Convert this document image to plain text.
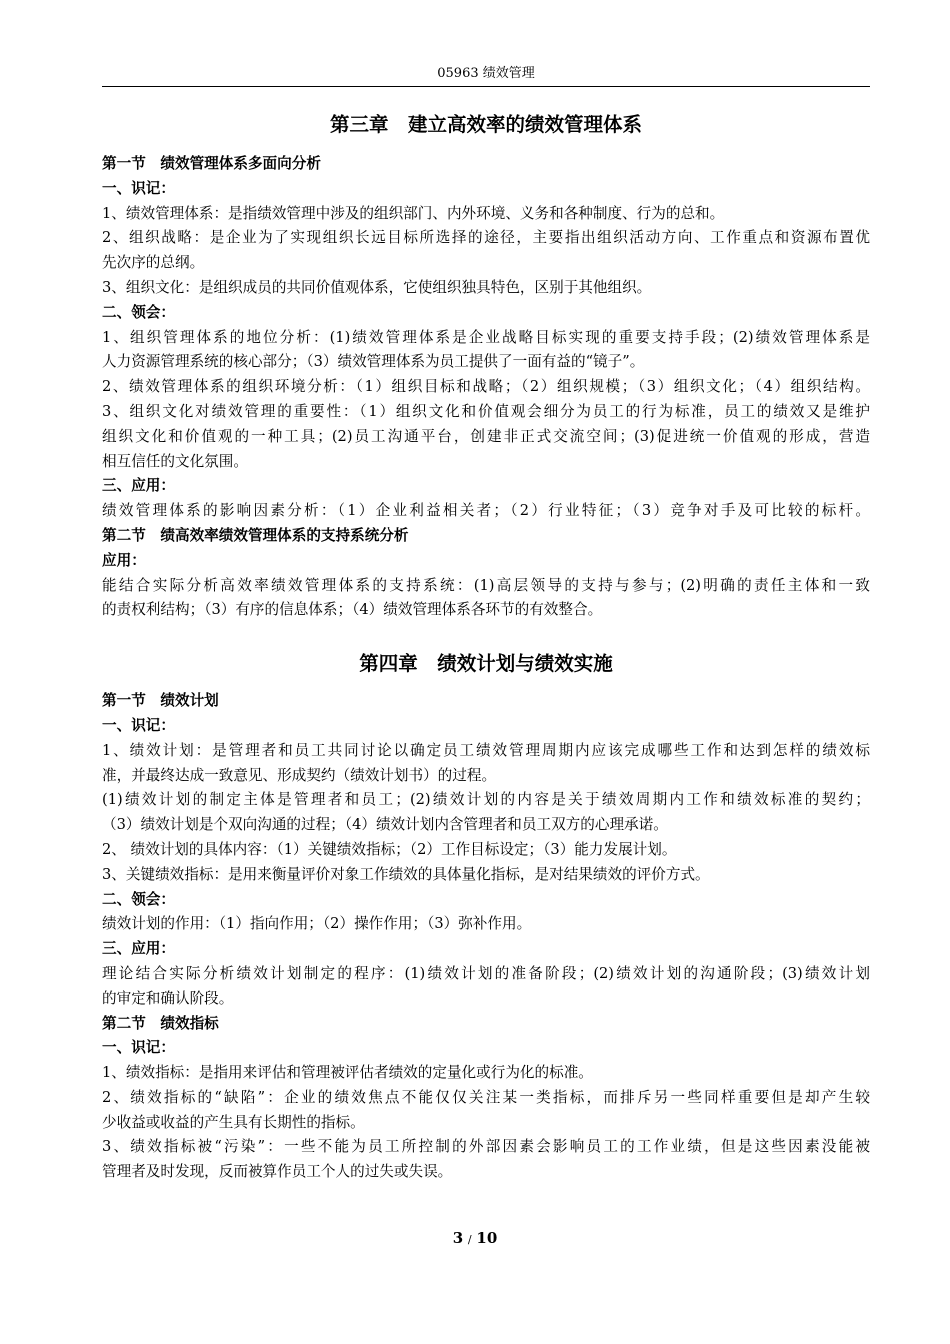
05963 绩效管理
第三章　建立高效率的绩效管理体系
第一节　绩效管理体系多面向分析
一、识记：
1、绩效管理体系：是指绩效管理中涉及的组织部门、内外环境、义务和各种制度、行为的总和。
2、组织战略：是企业为了实现组织长远目标所选择的途径，主要指出组织活动方向、工作重点和资源布置优
先次序的总纲。
3、组织文化：是组织成员的共同价值观体系，它使组织独具特色，区别于其他组织。
二、领会：
1、组织管理体系的地位分析：(1)绩效管理体系是企业战略目标实现的重要支持手段；(2)绩效管理体系是
人力资源管理系统的核心部分；（3）绩效管理体系为员工提供了一面有益的“镜子”。
2、绩效管理体系的组织环境分析：（1）组织目标和战略；（2）组织规模；（3）组织文化；（4）组织结构。
3、组织文化对绩效管理的重要性：（1）组织文化和价值观会细分为员工的行为标准，员工的绩效又是维护
组织文化和价值观的一种工具；(2)员工沟通平台，创建非正式交流空间；(3)促进统一价值观的形成，营造
相互信任的文化氛围。
三、应用：
绩效管理体系的影响因素分析：（1）企业利益相关者；（2）行业特征；（3）竞争对手及可比较的标杆。
第二节　绩高效率绩效管理体系的支持系统分析
应用：
能结合实际分析高效率绩效管理体系的支持系统：(1)高层领导的支持与参与；(2)明确的责任主体和一致
的责权利结构；（3）有序的信息体系；（4）绩效管理体系各环节的有效整合。
第四章　绩效计划与绩效实施
第一节　绩效计划
一、识记：
1、绩效计划：是管理者和员工共同讨论以确定员工绩效管理周期内应该完成哪些工作和达到怎样的绩效标
准，并最终达成一致意见、形成契约（绩效计划书）的过程。
(1)绩效计划的制定主体是管理者和员工；(2)绩效计划的内容是关于绩效周期内工作和绩效标准的契约；
（3）绩效计划是个双向沟通的过程；（4）绩效计划内含管理者和员工双方的心理承诺。
2、 绩效计划的具体内容：（1）关键绩效指标；（2）工作目标设定；（3）能力发展计划。
3、关键绩效指标：是用来衡量评价对象工作绩效的具体量化指标，是对结果绩效的评价方式。
二、领会：
绩效计划的作用：（1）指向作用；（2）操作作用；（3）弥补作用。
三、应用：
理论结合实际分析绩效计划制定的程序：(1)绩效计划的准备阶段；(2)绩效计划的沟通阶段；(3)绩效计划
的审定和确认阶段。
第二节　绩效指标
一、识记：
1、绩效指标：是指用来评估和管理被评估者绩效的定量化或行为化的标准。
2、绩效指标的“缺陷”：企业的绩效焦点不能仅仅关注某一类指标，而排斥另一些同样重要但是却产生较
少收益或收益的产生具有长期性的指标。
3、绩效指标被“污染”：一些不能为员工所控制的外部因素会影响员工的工作业绩，但是这些因素没能被
管理者及时发现，反而被算作员工个人的过失或失误。
3 / 10
